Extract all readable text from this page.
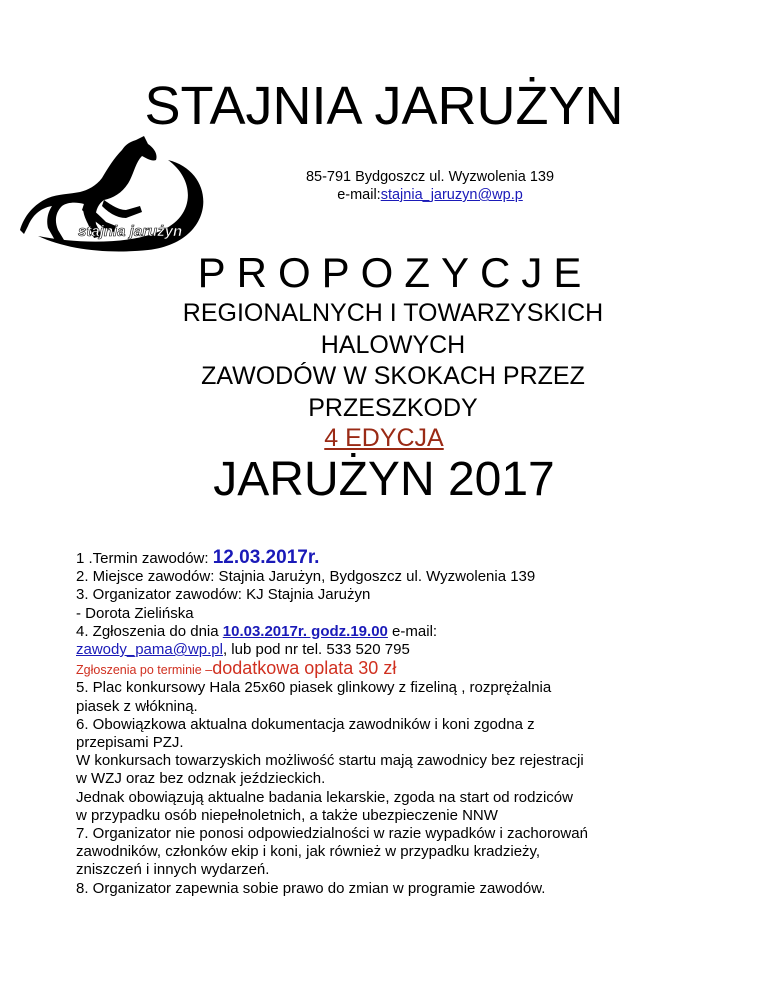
STAJNIA JARUŻYN
stajnia jarużyn
85-791 Bydgoszcz ul. Wyzwolenia 139
e-mail:stajnia_jaruzyn@wp.p
PROPOZYCJE
REGIONALNYCH I TOWARZYSKICH
HALOWYCH
ZAWODÓW W SKOKACH PRZEZ
PRZESZKODY
4 EDYCJA
JARUŻYN 2017

1 .Termin zawodów: 12.03.2017r.

2. Miejsce zawodów: Stajnia Jarużyn, Bydgoszcz ul. Wyzwolenia 139

3. Organizator zawodów: KJ Stajnia Jarużyn

- Dorota Zielińska

4. Zgłoszenia do dnia 10.03.2017r. godz.19.00 e-mail:

zawody_pama@wp.pl, lub pod nr tel. 533 520 795

Zgłoszenia po terminie –dodatkowa oplata 30 zł

5. Plac konkursowy Hala 25x60 piasek glinkowy z fizeliną , rozprężalnia

piasek z włókniną.

6. Obowiązkowa aktualna dokumentacja zawodników i koni zgodna z

przepisami PZJ.

W konkursach towarzyskich możliwość startu mają zawodnicy bez rejestracji

w WZJ oraz bez odznak jeździeckich.

Jednak obowiązują aktualne badania lekarskie, zgoda na start od rodziców

w przypadku osób niepełnoletnich, a także ubezpieczenie NNW

7. Organizator nie ponosi odpowiedzialności w razie wypadków i zachorowań

zawodników, członków ekip i koni, jak również w przypadku kradzieży,

zniszczeń i innych wydarzeń.

8. Organizator zapewnia sobie prawo do zmian w programie zawodów.
